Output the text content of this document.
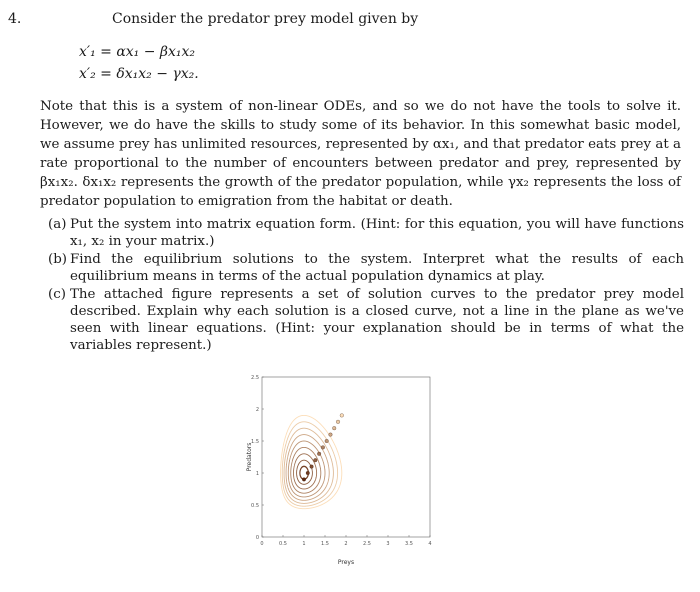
4.	Consider the predator prey model given by
x′₁ = αx₁ − βx₁x₂
x′₂ = δx₁x₂ − γx₂.
Note that this is a system of non-linear ODEs, and so we do not have the tools to solve it. However, we do have the skills to study some of its behavior. In this somewhat basic model, we assume prey has unlimited resources, represented by αx₁, and that predator eats prey at a rate proportional to the number of encounters between predator and prey, represented by βx₁x₂. δx₁x₂ represents the growth of the predator population, while γx₂ represents the loss of predator population to emigration from the habitat or death.
(a) Put the system into matrix equation form. (Hint: for this equation, you will have functions x₁, x₂ in your matrix.)
(b) Find the equilibrium solutions to the system. Interpret what the results of each equilibrium means in terms of the actual population dynamics at play.
(c) The attached figure represents a set of solution curves to the predator prey model described. Explain why each solution is a closed curve, not a line in the plane as we've seen with linear equations. (Hint: your explanation should be in terms of what the variables represent.)
0	0.5	1	1.5	2	2.5	3	3.5	4
0
0.5
1
1.5
2
2.5
Preys
Predators
